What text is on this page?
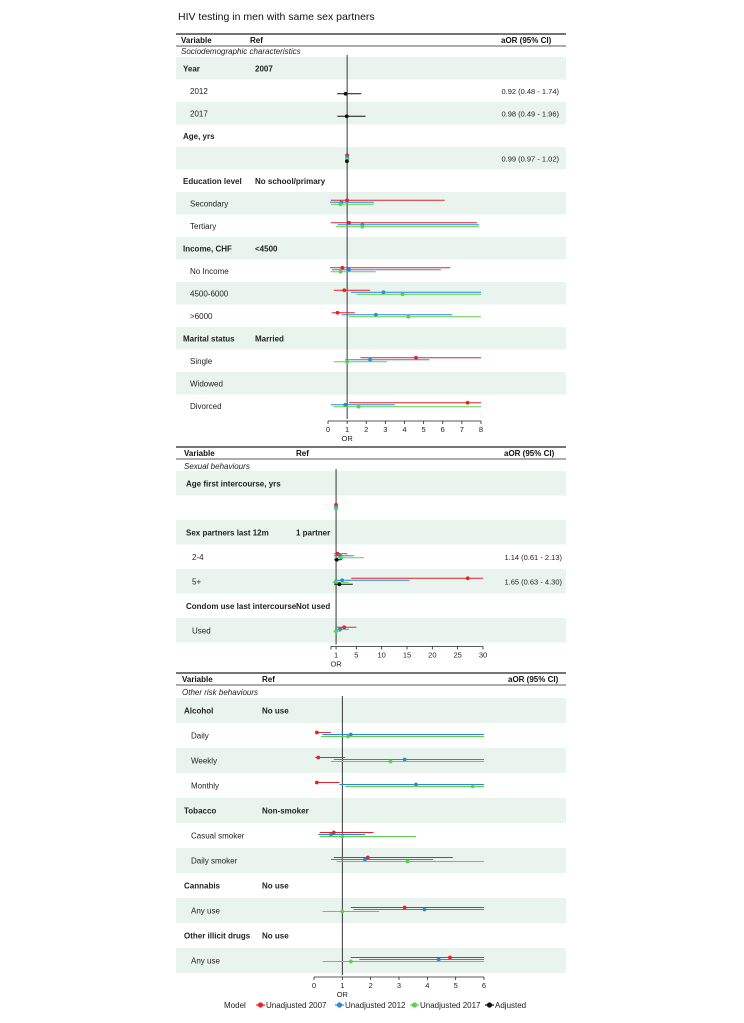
HIV testing in men with same sex partners
Variable	Ref	aOR (95% CI)
Sociodemographic characteristics
Year	2007
2012	0.92 (0.48 - 1.74)
2017	0.98 (0.49 - 1.96)
Age, yrs
0.99 (0.97 - 1.02)
Education level No school/primary
Secondary
Tertiary
Income, CHF	<4500
No Income
4500-6000
>6000
Marital status	Married
Single
Widowed
Divorced
0 1 2 3 4 5 6 7 8
OR
Variable	Ref	aOR (95% CI)
Sexual behaviours
Age first intercourse, yrs
Sex partners last 12m	1 partner
2-4	1.14 (0.61 - 2.13)
5+	1.65 (0.63 - 4.30)
Condom use last intercourse Not used
Used
1 5	10 15 20 25 30
OR
Variable	Ref	aOR (95% CI)
Other risk behaviours
Alcohol	No use
Daily
Weekly
Monthly
Tobacco	Non-smoker
Casual smoker
Daily smoker
Cannabis	No use
Any use
Other illicit drugs No use
Any use
0	1	2	3	4	5	6
OR
Model	Unadjusted 2007 Unadjusted 2012 Unadjusted 2017 Adjusted
